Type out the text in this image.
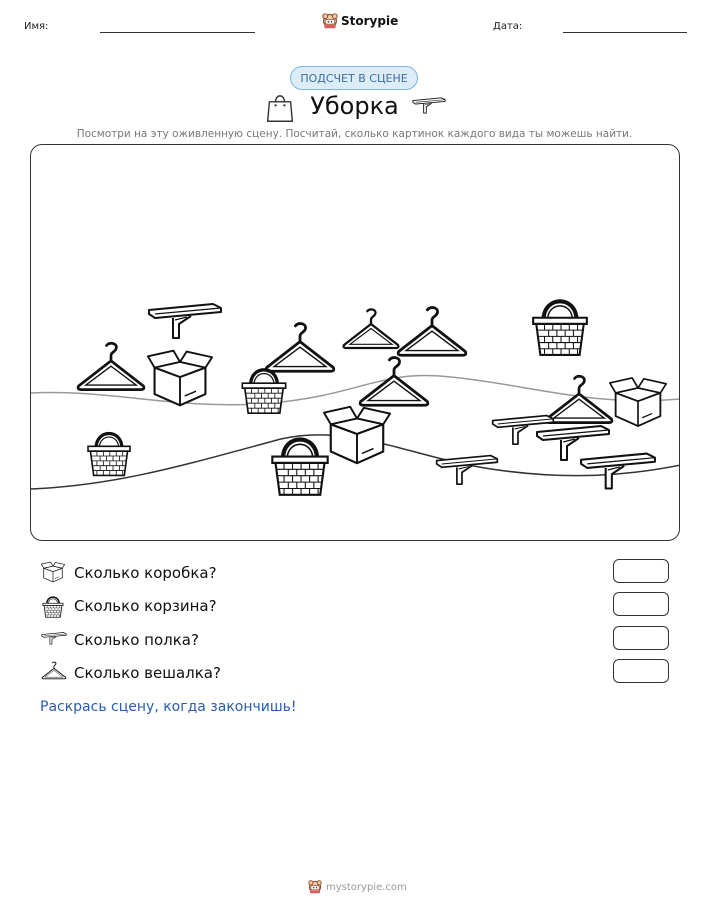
Имя:	Storypie	Дата:
ПОДСЧЕТ В СЦЕНЕ
Уборка
Посмотри на эту оживленную сцену. Посчитай, сколько картинок каждого вида ты можешь найти.
Сколько коробка?
Сколько корзина?
Сколько полка?
Сколько вешалка?
Раскрась сцену, когда закончишь!
mystorypie.com
